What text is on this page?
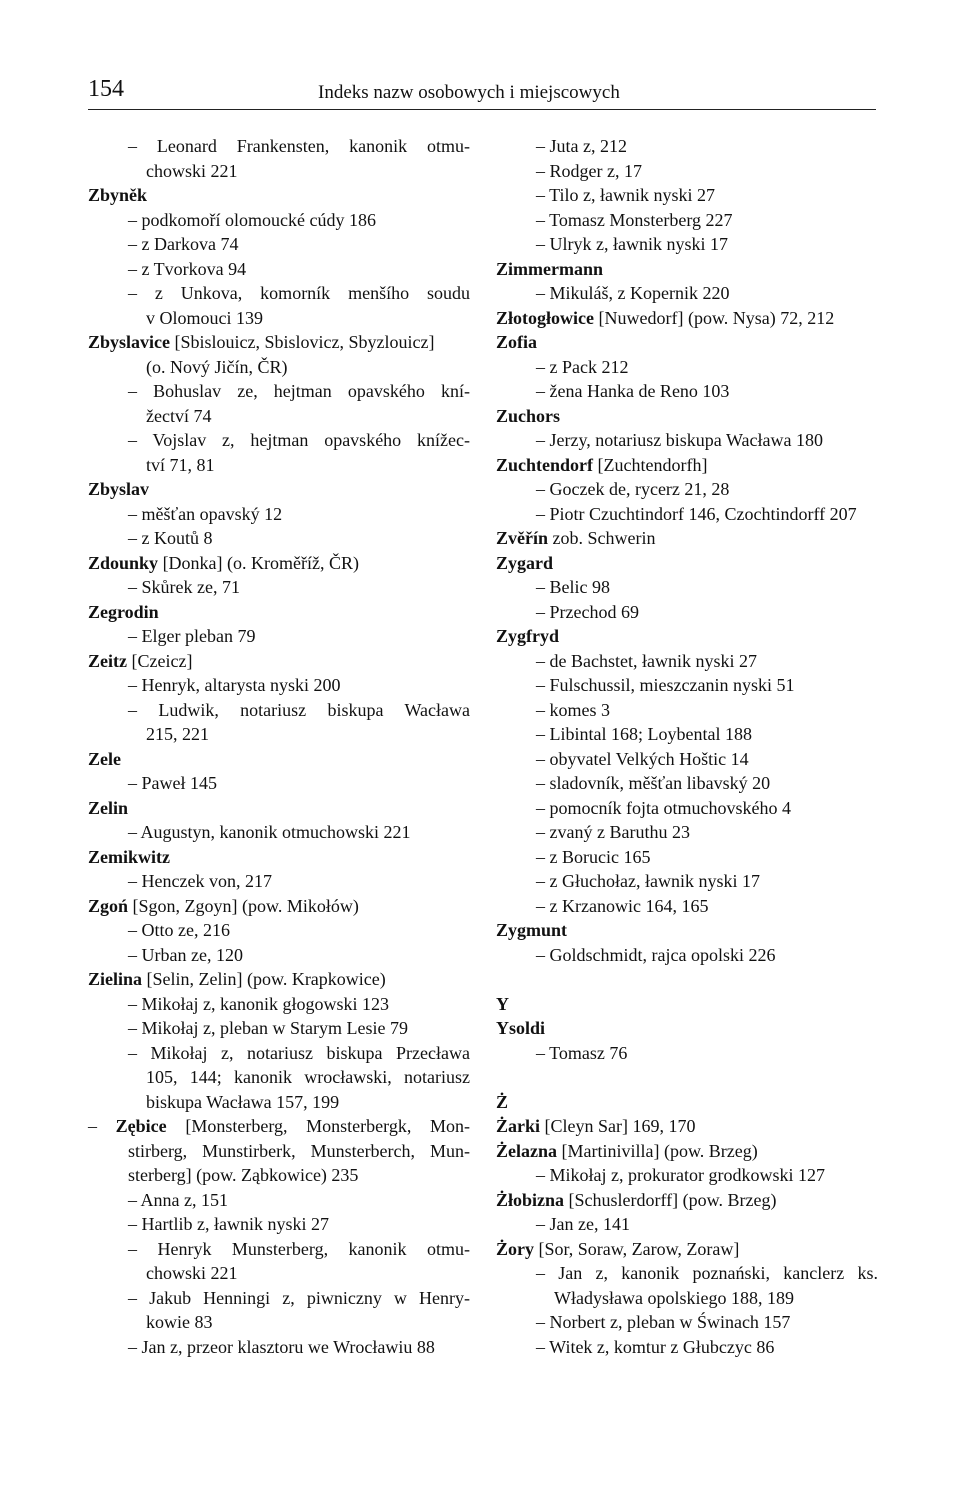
154	Indeks nazw osobowych i miejscowych
– Leonard Frankensten, kanonik otmu-
chowski 221
Zbyněk
– podkomoří olomoucké cúdy 186
– z Darkova 74
– z Tvorkova 94
– z Unkova, komorník menšího soudu
v Olomouci 139
Zbyslavice [Sbislouicz, Sbislovicz, Sbyzlouicz]
(o. Nový Jičín, ČR)
– Bohuslav ze, hejtman opavského kní-
žectví 74
– Vojslav z, hejtman opavského knížec-
tví 71, 81
Zbyslav
– měšťan opavský 12
– z Koutů 8
Zdounky [Donka] (o. Kroměříž, ČR)
– Skůrek ze, 71
Zegrodin
– Elger pleban 79
Zeitz [Czeicz]
– Henryk, altarysta nyski 200
– Ludwik, notariusz biskupa Wacława
215, 221
Zele
– Paweł 145
Zelin
– Augustyn, kanonik otmuchowski 221
Zemikwitz
– Henczek von, 217
Zgoń [Sgon, Zgoyn] (pow. Mikołów)
– Otto ze, 216
– Urban ze, 120
Zielina [Selin, Zelin] (pow. Krapkowice)
– Mikołaj z, kanonik głogowski 123
– Mikołaj z, pleban w Starym Lesie 79
– Mikołaj z, notariusz biskupa Przecława
105, 144; kanonik wrocławski, notariusz
biskupa Wacława 157, 199
– Zębice [Monsterberg, Monsterbergk, Mon-
stirberg, Munstirberk, Munsterberch, Mun-
sterberg] (pow. Ząbkowice) 235
– Anna z, 151
– Hartlib z, ławnik nyski 27
– Henryk Munsterberg, kanonik otmu-
chowski 221
– Jakub Henningi z, piwniczny w Henry-
kowie 83
– Jan z, przeor klasztoru we Wrocławiu 88
– Juta z, 212
– Rodger z, 17
– Tilo z, ławnik nyski 27
– Tomasz Monsterberg 227
– Ulryk z, ławnik nyski 17
Zimmermann
– Mikuláš, z Kopernik 220
Złotogłowice [Nuwedorf] (pow. Nysa) 72, 212
Zofia
– z Pack 212
– žena Hanka de Reno 103
Zuchors
– Jerzy, notariusz biskupa Wacława 180
Zuchtendorf [Zuchtendorfh]
– Goczek de, rycerz 21, 28
– Piotr Czuchtindorf 146, Czochtindorff 207
Zvěřín zob. Schwerin
Zygard
– Belic 98
– Przechod 69
Zygfryd
– de Bachstet, ławnik nyski 27
– Fulschussil, mieszczanin nyski 51
– komes 3
– Libintal 168; Loybental 188
– obyvatel Velkých Hoštic 14
– sladovník, měšťan libavský 20
– pomocník fojta otmuchovského 4
– zvaný z Baruthu 23
– z Borucic 165
– z Głuchołaz, ławnik nyski 17
– z Krzanowic 164, 165
Zygmunt
– Goldschmidt, rajca opolski 226
Y
Ysoldi
– Tomasz 76
Ż
Żarki [Cleyn Sar] 169, 170
Żelazna [Martinivilla] (pow. Brzeg)
– Mikołaj z, prokurator grodkowski 127
Żłobizna [Schuslerdorff] (pow. Brzeg)
– Jan ze, 141
Żory [Sor, Soraw, Zarow, Zoraw]
– Jan z, kanonik poznański, kanclerz ks.
Władysława opolskiego 188, 189
– Norbert z, pleban w Świnach 157
– Witek z, komtur z Głubczyc 86
